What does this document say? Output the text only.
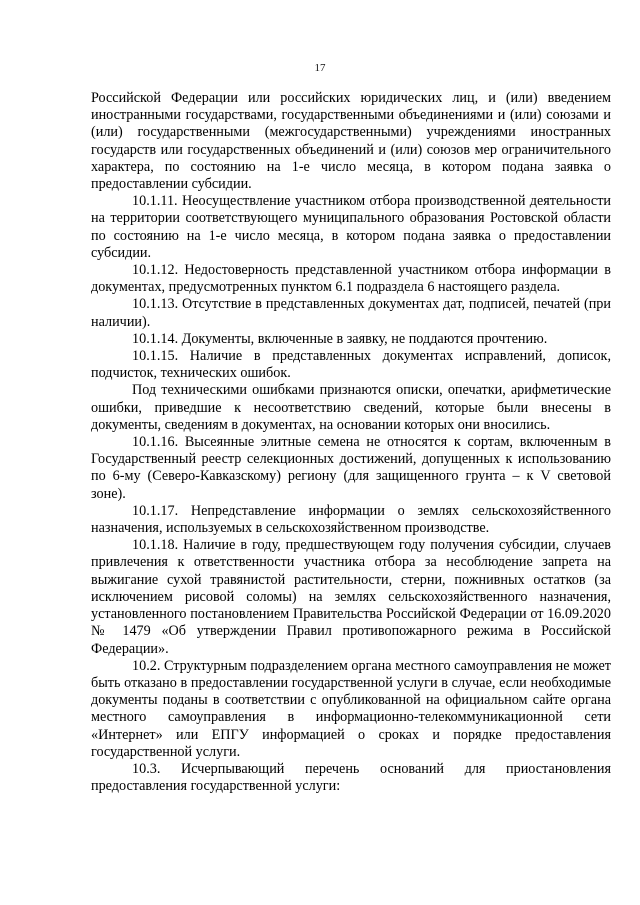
17

Российской Федерации или российских юридических лиц, и (или) введением иностранными государствами, государственными объединениями и (или) союзами и (или) государственными (межгосударственными) учреждениями иностранных государств или государственных объединений и (или) союзов мер ограничительного характера, по состоянию на 1-е число месяца, в котором подана заявка о предоставлении субсидии.

10.1.11. Неосуществление участником отбора производственной деятельности на территории соответствующего муниципального образования Ростовской области по состоянию на 1-е число месяца, в котором подана заявка о предоставлении субсидии.

10.1.12. Недостоверность представленной участником отбора информации в документах, предусмотренных пунктом 6.1 подраздела 6 настоящего раздела.

10.1.13. Отсутствие в представленных документах дат, подписей, печатей (при наличии).

10.1.14. Документы, включенные в заявку, не поддаются прочтению.

10.1.15. Наличие в представленных документах исправлений, дописок, подчисток, технических ошибок.

Под техническими ошибками признаются описки, опечатки, арифметические ошибки, приведшие к несоответствию сведений, которые были внесены в документы, сведениям в документах, на основании которых они вносились.

10.1.16. Высеянные элитные семена не относятся к сортам, включенным в Государственный реестр селекционных достижений, допущенных к использованию по 6-му (Северо-Кавказскому) региону (для защищенного грунта – к V световой зоне).

10.1.17. Непредставление информации о землях сельскохозяйственного назначения, используемых в сельскохозяйственном производстве.

10.1.18. Наличие в году, предшествующем году получения субсидии, случаев привлечения к ответственности участника отбора за несоблюдение запрета на выжигание сухой травянистой растительности, стерни, пожнивных остатков (за исключением рисовой соломы) на землях сельскохозяйственного назначения, установленного постановлением Правительства Российской Федерации от 16.09.2020 № 1479 «Об утверждении Правил противопожарного режима в Российской Федерации».

10.2. Структурным подразделением органа местного самоуправления не может быть отказано в предоставлении государственной услуги в случае, если необходимые документы поданы в соответствии с опубликованной на официальном сайте органа местного самоуправления в информационно-телекоммуникационной сети «Интернет» или ЕПГУ информацией о сроках и порядке предоставления государственной услуги.

10.3. Исчерпывающий перечень оснований для приостановления предоставления государственной услуги:
